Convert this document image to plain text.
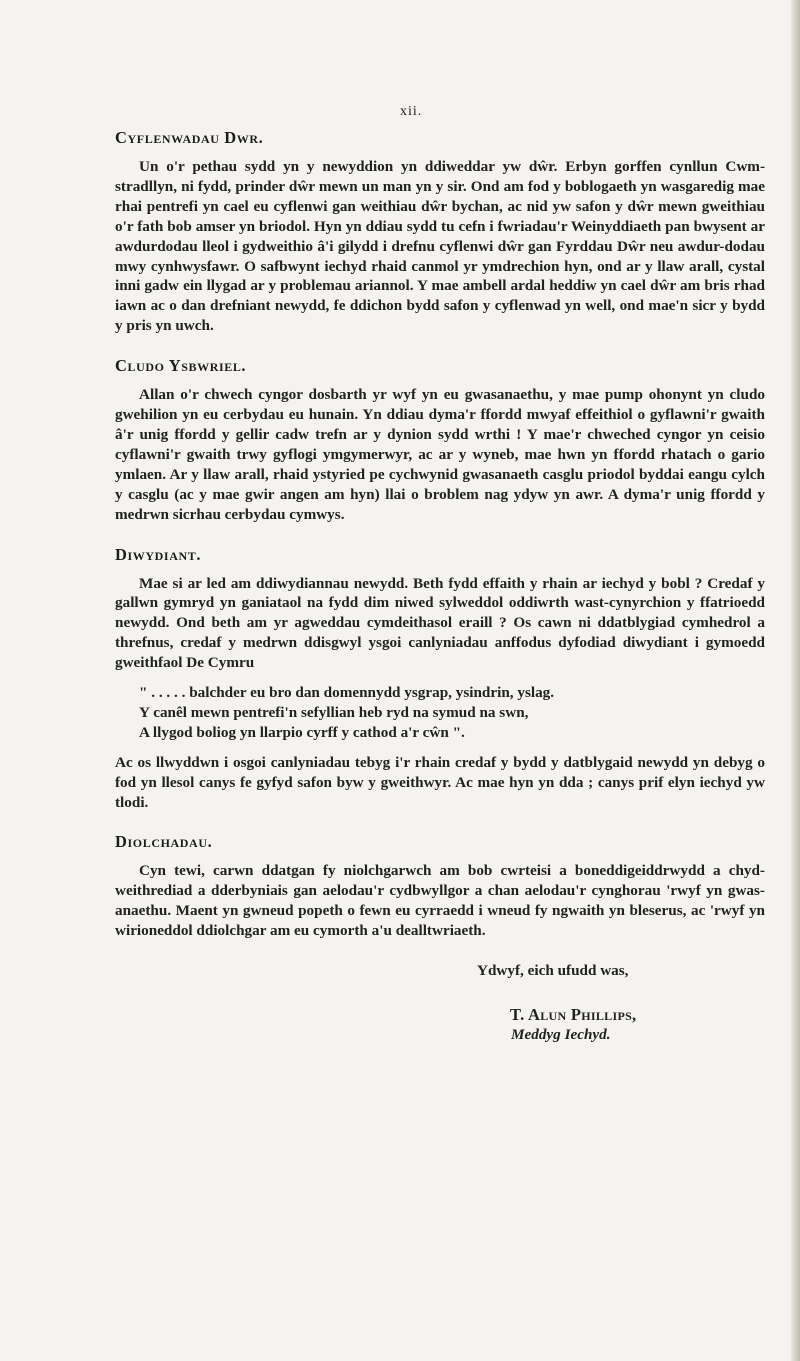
xii.
Cyflenwadau Dwr.

Un o'r pethau sydd yn y newyddion yn ddiweddar yw dŵr. Erbyn gorffen cynllun Cwm-stradllyn, ni fydd, prinder dŵr mewn un man yn y sir. Ond am fod y boblogaeth yn wasgaredig mae rhai pentrefi yn cael eu cyflenwi gan weithiau dŵr bychan, ac nid yw safon y dŵr mewn gweithiau o'r fath bob amser yn briodol. Hyn yn ddiau sydd tu cefn i fwriadau'r Weinyddiaeth pan bwysent ar awdurdodau lleol i gydweithio â'i gilydd i drefnu cyflenwi dŵr gan Fyrddau Dŵr neu awdur-dodau mwy cynhwysfawr. O safbwynt iechyd rhaid canmol yr ymdrechion hyn, ond ar y llaw arall, cystal inni gadw ein llygad ar y problemau ariannol. Y mae ambell ardal heddiw yn cael dŵr am bris rhad iawn ac o dan drefniant newydd, fe ddichon bydd safon y cyflenwad yn well, ond mae'n sicr y bydd y pris yn uwch.

Cludo Ysbwriel.

Allan o'r chwech cyngor dosbarth yr wyf yn eu gwasanaethu, y mae pump ohonynt yn cludo gwehilion yn eu cerbydau eu hunain. Yn ddiau dyma'r ffordd mwyaf effeithiol o gyflawni'r gwaith â'r unig ffordd y gellir cadw trefn ar y dynion sydd wrthi ! Y mae'r chweched cyngor yn ceisio cyflawni'r gwaith trwy gyflogi ymgymerwyr, ac ar y wyneb, mae hwn yn ffordd rhatach o gario ymlaen. Ar y llaw arall, rhaid ystyried pe cychwynid gwasanaeth casglu priodol byddai eangu cylch y casglu (ac y mae gwir angen am hyn) llai o broblem nag ydyw yn awr. A dyma'r unig ffordd y medrwn sicrhau cerbydau cymwys.

Diwydiant.

Mae si ar led am ddiwydiannau newydd. Beth fydd effaith y rhain ar iechyd y bobl ? Credaf y gallwn gymryd yn ganiataol na fydd dim niwed sylweddol oddiwrth wast-cynyrchion y ffatrioedd newydd. Ond beth am yr agweddau cymdeithasol eraill ? Os cawn ni ddatblygiad cymhedrol a threfnus, credaf y medrwn ddisgwyl ysgoi canlyniadau anffodus dyfodiad diwydiant i gymoedd gweithfaol De Cymru

" . . . . . balchder eu bro dan domennydd ysgrap, ysindrin, yslag.
Y canêl mewn pentrefi'n sefyllian heb ryd na symud na swn,
A llygod boliog yn llarpio cyrff y cathod a'r cŵn ".

Ac os llwyddwn i osgoi canlyniadau tebyg i'r rhain credaf y bydd y datblygaid newydd yn debyg o fod yn llesol canys fe gyfyd safon byw y gweithwyr. Ac mae hyn yn dda ; canys prif elyn iechyd yw tlodi.

Diolchadau.

Cyn tewi, carwn ddatgan fy niolchgarwch am bob cwrteisi a boneddigeiddrwydd a chyd-weithrediad a dderbyniais gan aelodau'r cydbwyllgor a chan aelodau'r cynghorau 'rwyf yn gwas-anaethu. Maent yn gwneud popeth o fewn eu cyrraedd i wneud fy ngwaith yn bleserus, ac 'rwyf yn wirioneddol ddiolchgar am eu cymorth a'u dealltwriaeth.

Ydwyf, eich ufudd was,
T. Alun Phillips,
Meddyg Iechyd.
